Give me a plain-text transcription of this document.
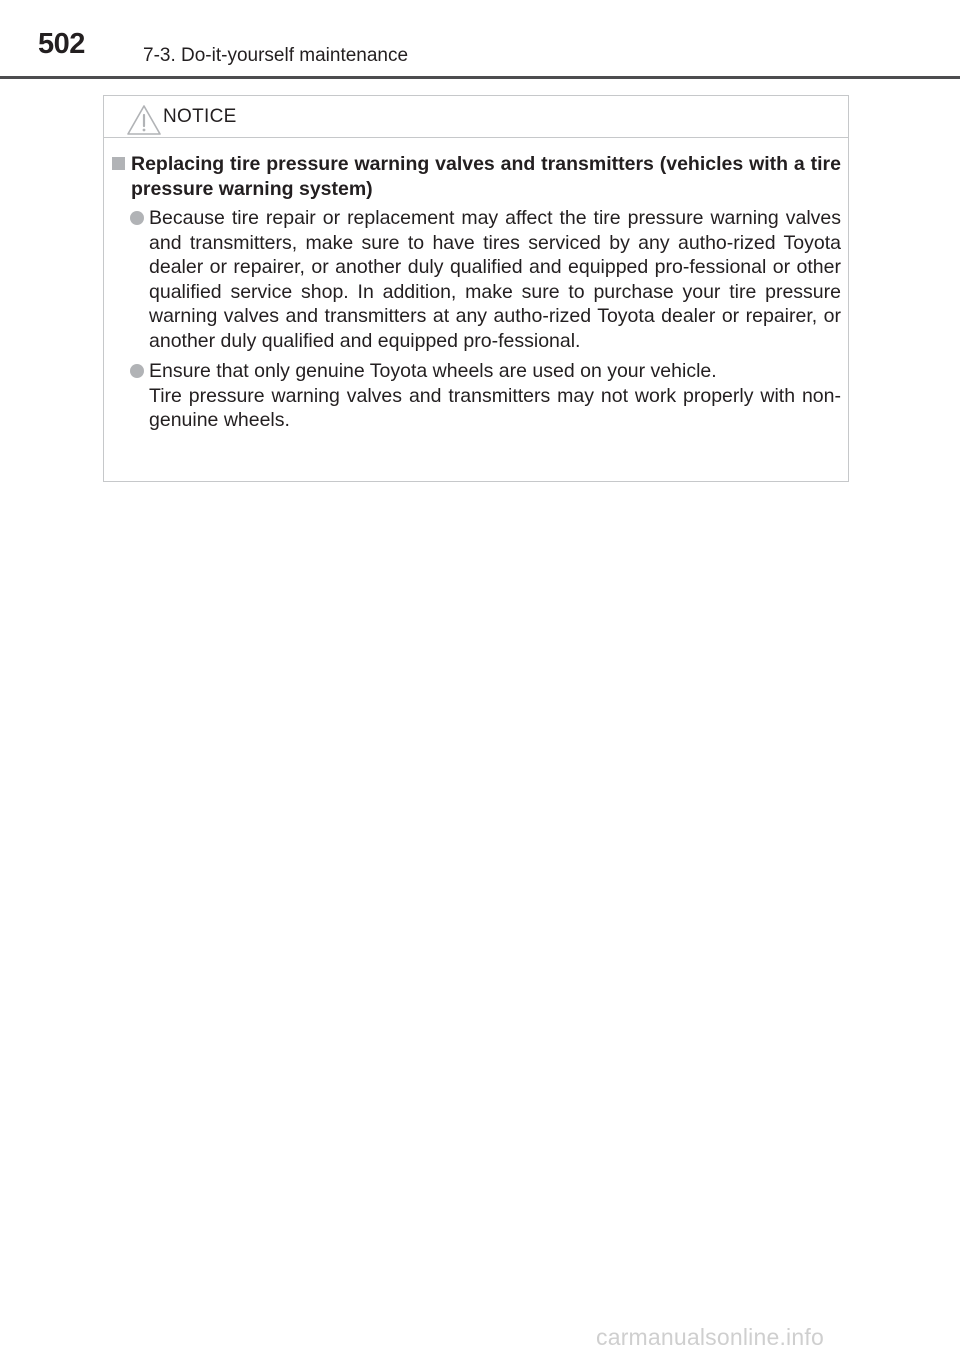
502	7-3. Do-it-yourself maintenance
NOTICE
Replacing tire pressure warning valves and transmitters (vehicles with a tire pressure warning system)

Because tire repair or replacement may affect the tire pressure warning valves and transmitters, make sure to have tires serviced by any autho-rized Toyota dealer or repairer, or another duly qualified and equipped pro-fessional or other qualified service shop. In addition, make sure to purchase your tire pressure warning valves and transmitters at any autho-rized Toyota dealer or repairer, or another duly qualified and equipped pro-fessional.

Ensure that only genuine Toyota wheels are used on your vehicle.

Tire pressure warning valves and transmitters may not work properly with non-genuine wheels.

carmanualsonline.info
